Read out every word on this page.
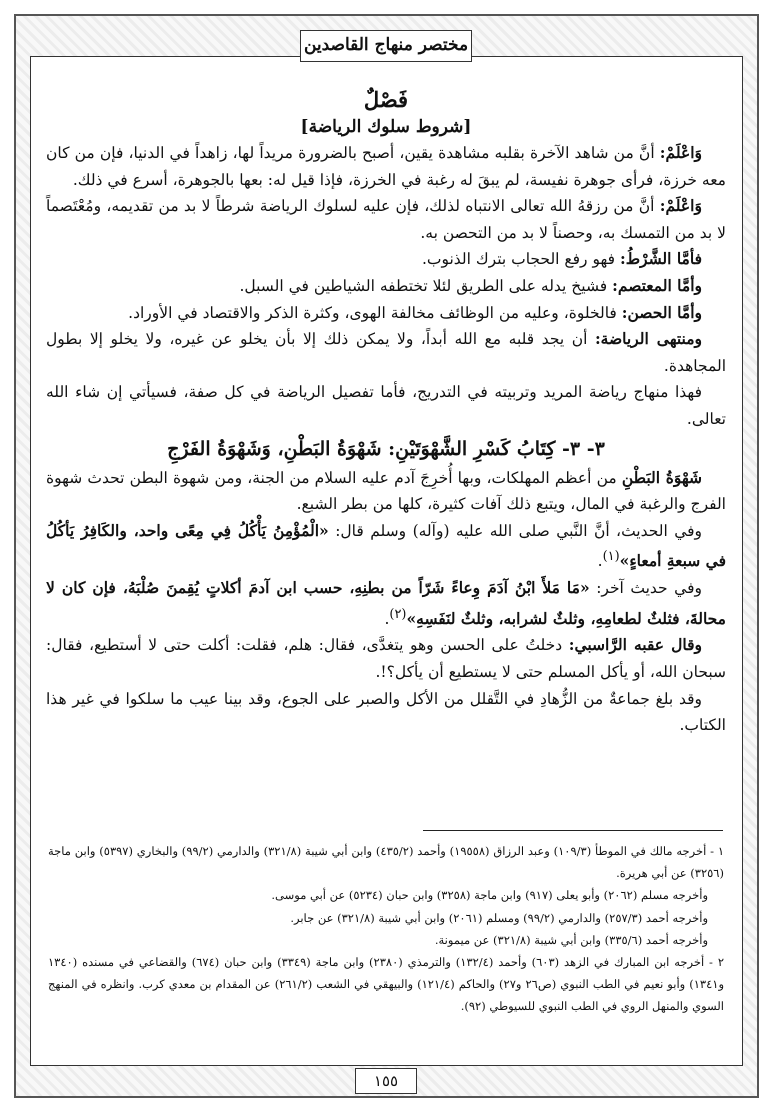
مختصر منهاج القاصدين

فَصْلٌ

[شروط سلوك الرياضة]

وَاعْلَمْ: أنَّ من شاهد الآخرة بقلبه مشاهدة يقين، أصبح بالضرورة مريداً لها، زاهداً في الدنيا، فإن من كان معه خرزة، فرأى جوهرة نفيسة، لم يبقَ له رغبة في الخرزة، فإذا قيل له: بعها بالجوهرة، أسرع في ذلك.

وَاعْلَمْ: أنَّ من رزقهُ الله تعالى الانتباه لذلك، فإن عليه لسلوك الرياضة شرطاً لا بد من تقديمه، ومُعْتَصماً لا بد من التمسك به، وحصناً لا بد من التحصن به.

فأمَّا الشَّرْطُ: فهو رفع الحجاب بترك الذنوب.

وأمَّا المعتصم: فشيخ يدله على الطريق لئلا تختطفه الشياطين في السبل.

وأمَّا الحصن: فالخلوة، وعليه من الوظائف مخالفة الهوى، وكثرة الذكر والاقتصاد في الأوراد.

ومنتهى الرياضة: أن يجد قلبه مع الله أبداً، ولا يمكن ذلك إلا بأن يخلو عن غيره، ولا يخلو إلا بطول المجاهدة.

فهذا منهاج رياضة المريد وتربيته في التدريج، فأما تفصيل الرياضة في كل صفة، فسيأتي إن شاء الله تعالى.

٣- ٣- كِتَابُ كَسْرِ الشَّهْوَتَيْنِ: شَهْوَةُ البَطْنِ، وَشَهْوَةُ الفَرْجِ

شَهْوَةُ البَطْنِ من أعظم المهلكات، وبها أُخرِجَ آدم عليه السلام من الجنة، ومن شهوة البطن تحدث شهوة الفرج والرغبة في المال، ويتبع ذلك آفات كثيرة، كلها من بطر الشبع.

وفي الحديث، أنَّ النَّبي صلى الله عليه (وآله) وسلم قال: «الْمُؤْمِنُ يَأْكُلُ فِي مِعًى واحد، والكَافِرُ يَأكُلُ في سبعةِ أمعاءٍ»$^{(١)}$.

وفي حديث آخر: «مَا مَلأَ ابْنُ آدَمَ وِعاءً شَرّاً من بطنِهِ، حسب ابن آدمَ أكلاتٍ يُقِمنَ صُلْبَهُ، فإن كان لا محالةَ، فثلثٌ لطعامِهِ، وثلثٌ لشرابه، وثلثٌ لنَفَسِهِ»$^{(٢)}$.

وقال عقبه الرَّاسبي: دخلتُ على الحسن وهو يتغدَّى، فقال: هلم، فقلت: أكلت حتى لا أستطيع، فقال: سبحان الله، أو يأكل المسلم حتى لا يستطيع أن يأكل؟!.

وقد بلغ جماعةٌ من الزُّهادِ في التَّقلل من الأكل والصبر على الجوع، وقد بينا عيب ما سلكوا في غير هذا الكتاب.

١ - أخرجه مالك في الموطأ (١٠٩/٣) وعبد الرزاق (١٩٥٥٨) وأحمد (٤٣٥/٢) وابن أبي شيبة (٣٢١/٨) والدارمي (٩٩/٢) والبخاري (٥٣٩٧) وابن ماجة (٣٢٥٦) عن أبي هريرة.

وأخرجه مسلم (٢٠٦٢) وأبو يعلى (٩١٧) وابن ماجة (٣٢٥٨) وابن حبان (٥٢٣٤) عن أبي موسى.

وأخرجه أحمد (٢٥٧/٣) والدارمي (٩٩/٢) ومسلم (٢٠٦١) وابن أبي شيبة (٣٢١/٨) عن جابر.

وأخرجه أحمد (٣٣٥/٦) وابن أبي شيبة (٣٢١/٨) عن ميمونة.

٢ - أخرجه ابن المبارك في الزهد (٦٠٣) وأحمد (١٣٢/٤) والترمذي (٢٣٨٠) وابن ماجة (٣٣٤٩) وابن حبان (٦٧٤) والقضاعي في مسنده (١٣٤٠ و١٣٤١) وأبو نعيم في الطب النبوي (ص٢٦ و٢٧) والحاكم (١٢١/٤) والبيهقي في الشعب (٢٦١/٢) عن المقدام بن معدي كرب. وانظره في المنهج السوي والمنهل الروي في الطب النبوي للسيوطي (٩٢).

١٥٥
